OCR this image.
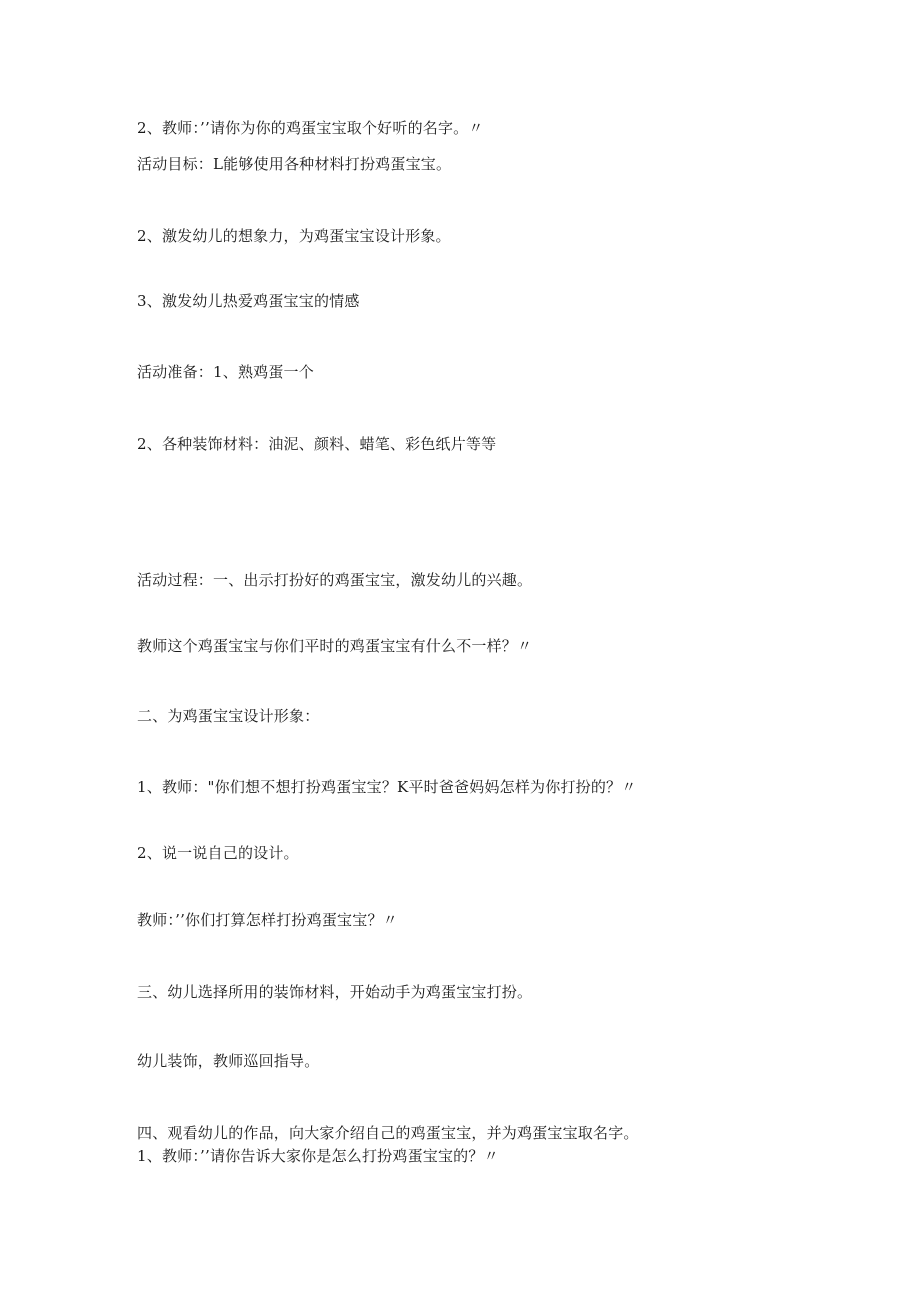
2、教师：’’请你为你的鸡蛋宝宝取个好听的名字。〃
活动目标：L能够使用各种材料打扮鸡蛋宝宝。
2、激发幼儿的想象力，为鸡蛋宝宝设计形象。
3、激发幼儿热爱鸡蛋宝宝的情感
活动准备：1、熟鸡蛋一个
2、各种装饰材料：油泥、颜料、蜡笔、彩色纸片等等
活动过程：一、出示打扮好的鸡蛋宝宝，激发幼儿的兴趣。
教师这个鸡蛋宝宝与你们平时的鸡蛋宝宝有什么不一样？〃
二、为鸡蛋宝宝设计形象：
1、教师："你们想不想打扮鸡蛋宝宝？K平时爸爸妈妈怎样为你打扮的？〃
2、说一说自己的设计。
教师：’’你们打算怎样打扮鸡蛋宝宝？〃
三、幼儿选择所用的装饰材料，开始动手为鸡蛋宝宝打扮。
幼儿装饰，教师巡回指导。
四、观看幼儿的作品，向大家介绍自己的鸡蛋宝宝，并为鸡蛋宝宝取名字。
1、教师：’’请你告诉大家你是怎么打扮鸡蛋宝宝的？〃
